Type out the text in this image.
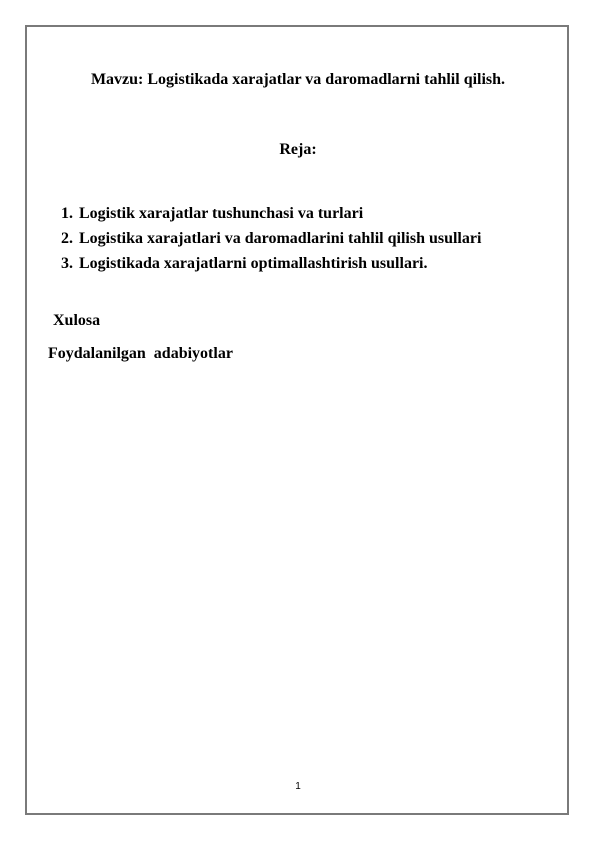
Mavzu: Logistikada xarajatlar va daromadlarni tahlil qilish.
Reja:
1. Logistik xarajatlar tushunchasi va turlari
2. Logistika xarajatlari va daromadlarini tahlil qilish usullari
3. Logistikada xarajatlarni optimallashtirish usullari.
Xulosa
Foydalanilgan  adabiyotlar
1
